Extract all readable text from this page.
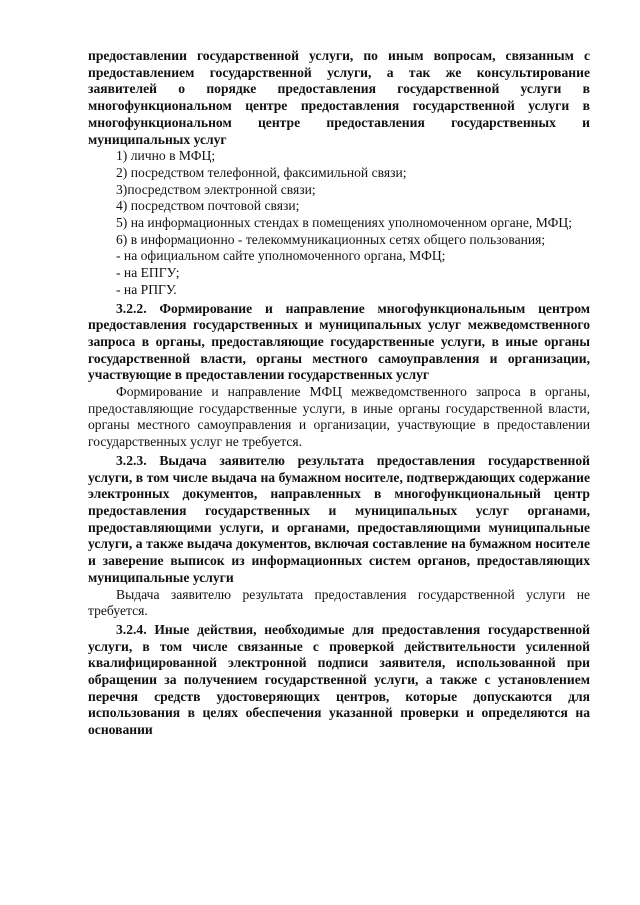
предоставлении государственной услуги, по иным вопросам, связанным с предоставлением государственной услуги, а так же консультирование заявителей о порядке предоставления государственной услуги в многофункциональном центре предоставления государственной услуги в многофункциональном центре предоставления государственных и муниципальных услуг

1) лично в МФЦ;

2) посредством телефонной, факсимильной связи;

3)посредством электронной связи;

4) посредством почтовой связи;

5) на информационных стендах в помещениях уполномоченном органе, МФЦ;

6) в информационно - телекоммуникационных сетях общего пользования;

- на официальном сайте уполномоченного органа, МФЦ;

- на ЕПГУ;

- на РПГУ.

3.2.2. Формирование и направление многофункциональным центром предоставления государственных и муниципальных услуг межведомственного запроса в органы, предоставляющие государственные услуги, в иные органы государственной власти, органы местного самоуправления и организации, участвующие в предоставлении государственных услуг

Формирование и направление МФЦ межведомственного запроса в органы, предоставляющие государственные услуги, в иные органы государственной власти, органы местного самоуправления и организации, участвующие в предоставлении государственных услуг не требуется.

3.2.3. Выдача заявителю результата предоставления государственной услуги, в том числе выдача на бумажном носителе, подтверждающих содержание электронных документов, направленных в многофункциональный центр предоставления государственных и муниципальных услуг органами, предоставляющими услуги, и органами, предоставляющими муниципальные услуги, а также выдача документов, включая составление на бумажном носителе и заверение выписок из информационных систем органов, предоставляющих муниципальные услуги

Выдача заявителю результата предоставления государственной услуги не требуется.

3.2.4. Иные действия, необходимые для предоставления государственной услуги, в том числе связанные с проверкой действительности усиленной квалифицированной электронной подписи заявителя, использованной при обращении за получением государственной услуги, а также с установлением перечня средств удостоверяющих центров, которые допускаются для использования в целях обеспечения указанной проверки и определяются на основании
